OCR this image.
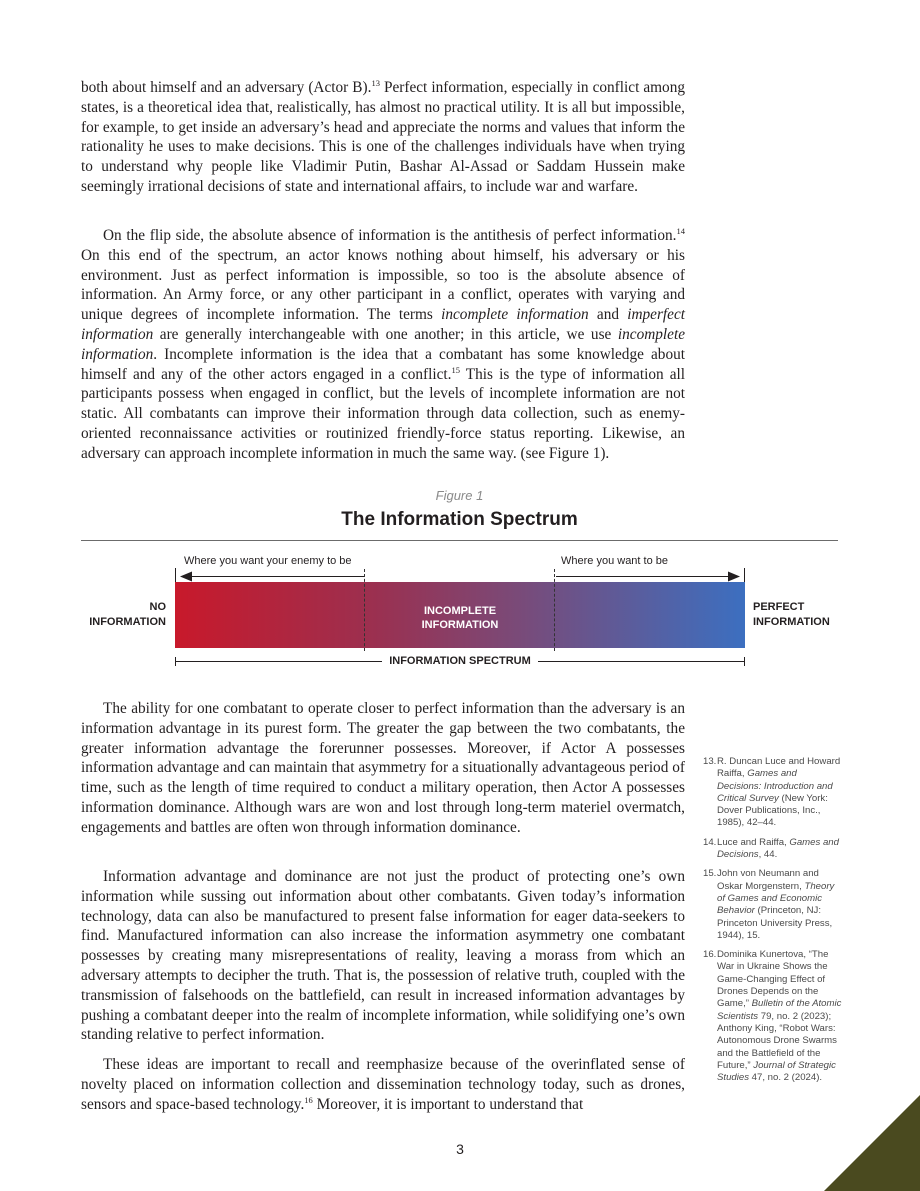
both about himself and an adversary (Actor B).$^{13}$ Perfect information, especially in conflict among states, is a theoretical idea that, realistically, has almost no practical utility. It is all but impossible, for example, to get inside an adversary’s head and appreciate the norms and values that inform the rationality he uses to make decisions. This is one of the challenges individuals have when trying to understand why people like Vladimir Putin, Bashar Al-Assad or Saddam Hussein make seemingly irrational decisions of state and international affairs, to include war and warfare.

On the flip side, the absolute absence of information is the antithesis of perfect information.$^{14}$ On this end of the spectrum, an actor knows nothing about himself, his adversary or his environment. Just as perfect information is impossible, so too is the absolute absence of information. An Army force, or any other participant in a conflict, operates with varying and unique degrees of incomplete information. The terms incomplete information and imperfect information are generally interchangeable with one another; in this article, we use incomplete information. Incomplete information is the idea that a combatant has some knowledge about himself and any of the other actors engaged in a conflict.$^{15}$ This is the type of information all participants possess when engaged in conflict, but the levels of incomplete information are not static. All combatants can improve their information through data collection, such as enemy-oriented reconnaissance activities or routinized friendly-force status reporting. Likewise, an adversary can approach incomplete information in much the same way. (see Figure 1).

Figure 1
The Information Spectrum
Where you want your enemy to be	Where you want to be
INCOMPLETE
INFORMATION
NO
INFORMATION
PERFECT
INFORMATION
INFORMATION SPECTRUM

The ability for one combatant to operate closer to perfect information than the adversary is an information advantage in its purest form. The greater the gap between the two combatants, the greater information advantage the forerunner possesses. Moreover, if Actor A possesses information advantage and can maintain that asymmetry for a situationally advantageous period of time, such as the length of time required to conduct a military operation, then Actor A possesses information dominance. Although wars are won and lost through long-term materiel overmatch, engagements and battles are often won through information dominance.

Information advantage and dominance are not just the product of protecting one’s own information while sussing out information about other combatants. Given today’s information technology, data can also be manufactured to present false information for eager data-seekers to find. Manufactured information can also increase the information asymmetry one combatant possesses by creating many misrepresentations of reality, leaving a morass from which an adversary attempts to decipher the truth. That is, the possession of relative truth, coupled with the transmission of falsehoods on the battlefield, can result in increased information advantages by pushing a combatant deeper into the realm of incomplete information, while solidifying one’s own standing relative to perfect information.

These ideas are important to recall and reemphasize because of the overinflated sense of novelty placed on information collection and dissemination technology today, such as drones, sensors and space-based technology.$^{16}$ Moreover, it is important to understand that

13. R. Duncan Luce and Howard Raiffa, Games and Decisions: Introduction and Critical Survey (New York: Dover Publications, Inc., 1985), 42–44.
14. Luce and Raiffa, Games and Decisions, 44.
15. John von Neumann and Oskar Morgenstern, Theory of Games and Economic Behavior (Princeton, NJ: Princeton University Press, 1944), 15.
16. Dominika Kunertova, “The War in Ukraine Shows the Game-Changing Effect of Drones Depends on the Game,” Bulletin of the Atomic Scientists 79, no. 2 (2023); Anthony King, “Robot Wars: Autonomous Drone Swarms and the Battlefield of the Future,” Journal of Strategic Studies 47, no. 2 (2024).
3
